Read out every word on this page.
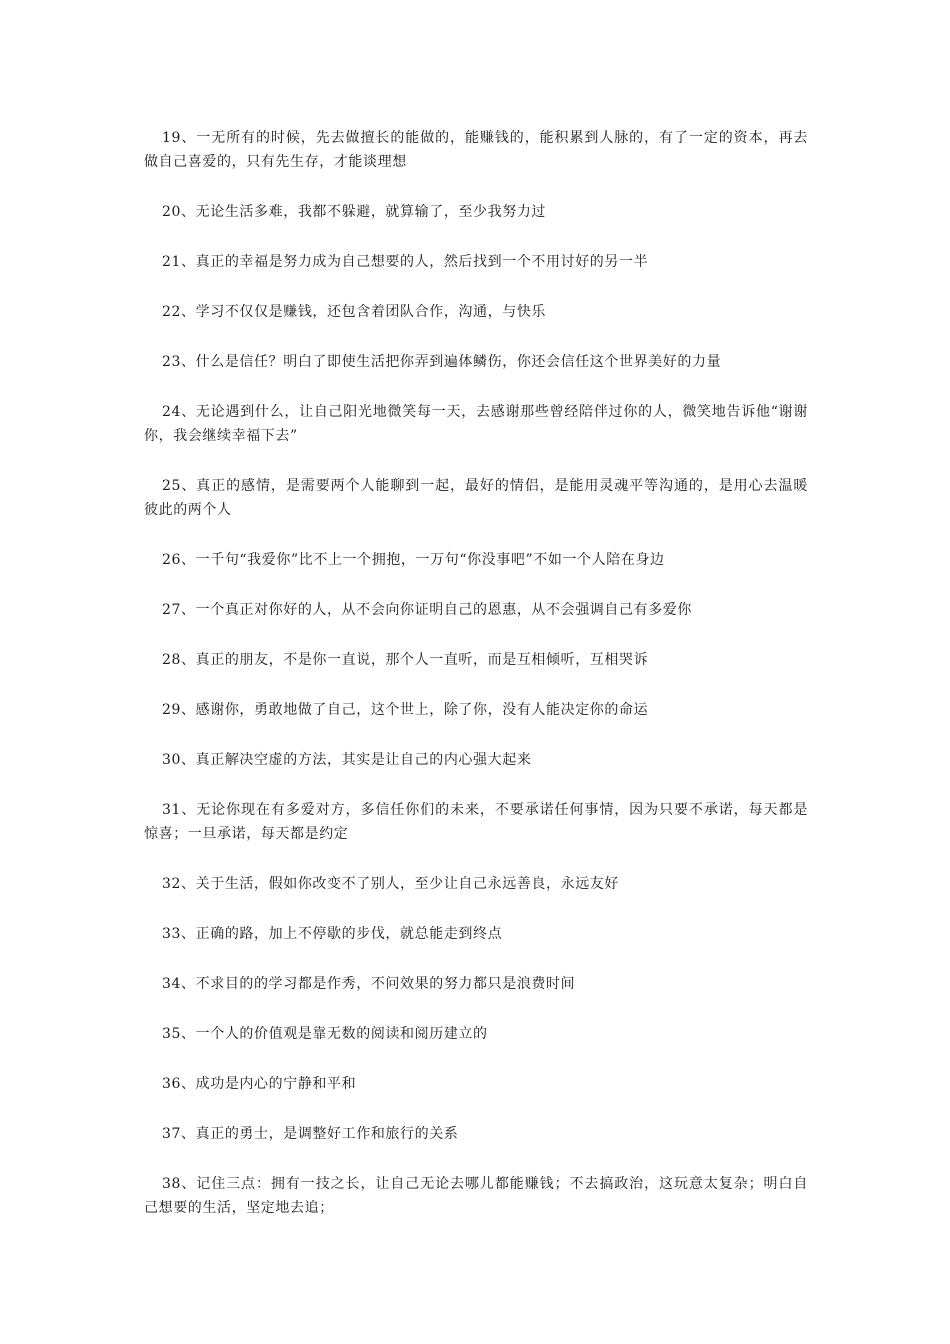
19、一无所有的时候，先去做擅长的能做的，能赚钱的，能积累到人脉的，有了一定的资本，再去做自己喜爱的，只有先生存，才能谈理想

20、无论生活多难，我都不躲避，就算输了，至少我努力过

21、真正的幸福是努力成为自己想要的人，然后找到一个不用讨好的另一半

22、学习不仅仅是赚钱，还包含着团队合作，沟通，与快乐

23、什么是信任？明白了即使生活把你弄到遍体鳞伤，你还会信任这个世界美好的力量

24、无论遇到什么，让自己阳光地微笑每一天，去感谢那些曾经陪伴过你的人，微笑地告诉他“谢谢你，我会继续幸福下去”

25、真正的感情，是需要两个人能聊到一起，最好的情侣，是能用灵魂平等沟通的，是用心去温暖彼此的两个人

26、一千句“我爱你”比不上一个拥抱，一万句“你没事吧”不如一个人陪在身边

27、一个真正对你好的人，从不会向你证明自己的恩惠，从不会强调自己有多爱你

28、真正的朋友，不是你一直说，那个人一直听，而是互相倾听，互相哭诉

29、感谢你，勇敢地做了自己，这个世上，除了你，没有人能决定你的命运

30、真正解决空虚的方法，其实是让自己的内心强大起来

31、无论你现在有多爱对方，多信任你们的未来，不要承诺任何事情，因为只要不承诺，每天都是惊喜；一旦承诺，每天都是约定

32、关于生活，假如你改变不了别人，至少让自己永远善良，永远友好

33、正确的路，加上不停歇的步伐，就总能走到终点

34、不求目的的学习都是作秀，不问效果的努力都只是浪费时间

35、一个人的价值观是靠无数的阅读和阅历建立的

36、成功是内心的宁静和平和

37、真正的勇士，是调整好工作和旅行的关系

38、记住三点：拥有一技之长，让自己无论去哪儿都能赚钱；不去搞政治，这玩意太复杂；明白自己想要的生活，坚定地去追；
